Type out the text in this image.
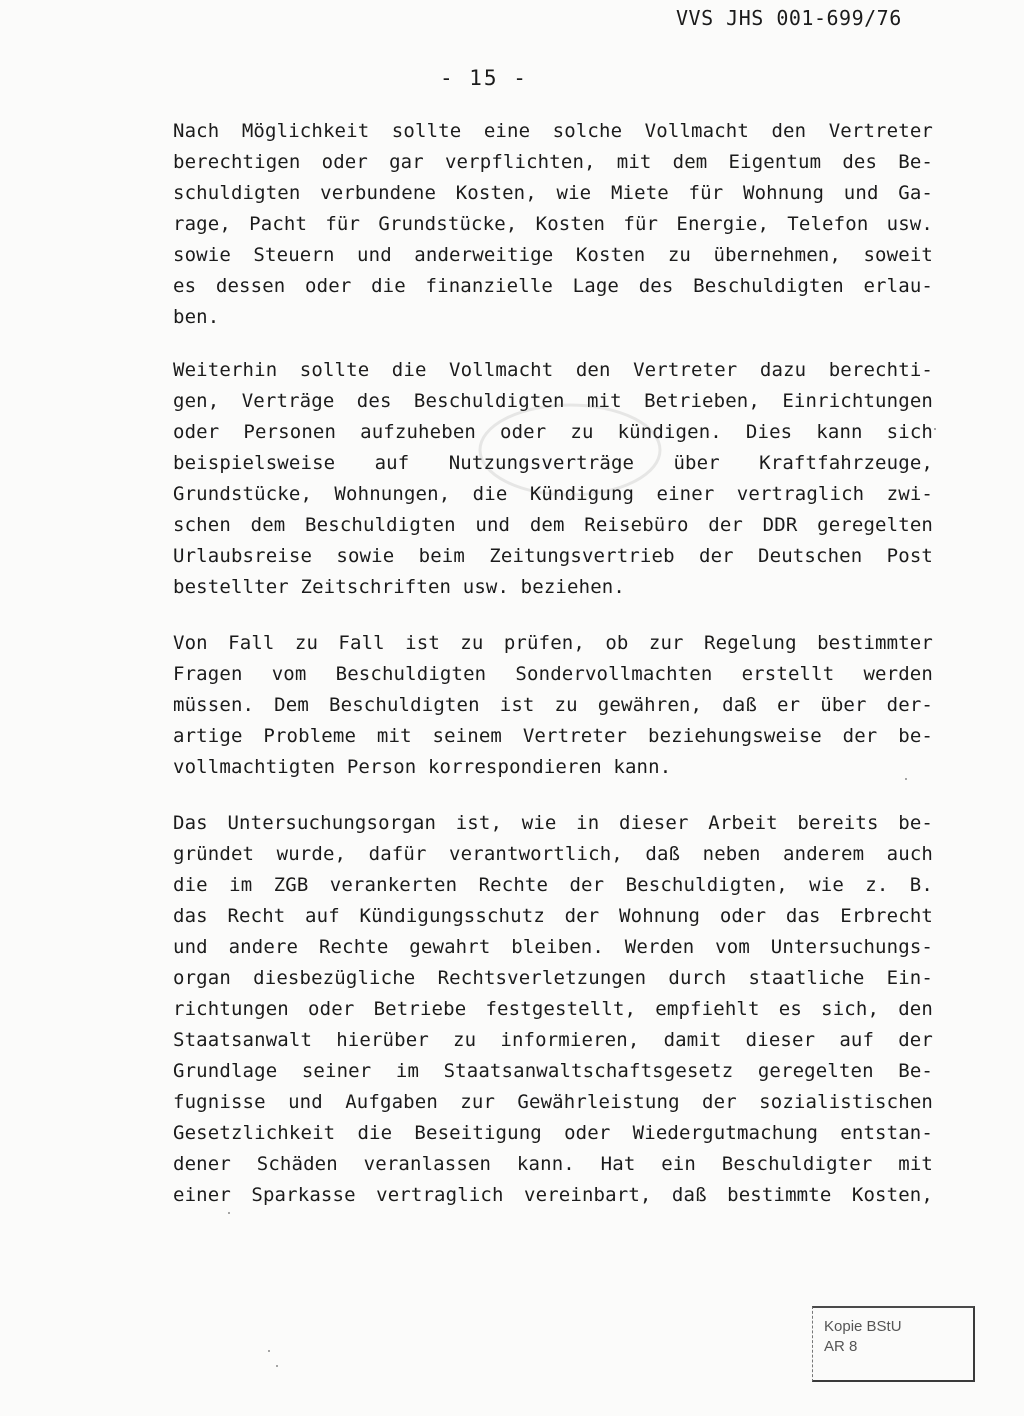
VVS JHS 001-699/76
- 15 -
Nach Möglichkeit sollte eine solche Vollmacht den Vertreter
berechtigen oder gar verpflichten, mit dem Eigentum des Be-
schuldigten verbundene Kosten, wie Miete für Wohnung und Ga-
rage, Pacht für Grundstücke, Kosten für Energie, Telefon usw.
sowie Steuern und anderweitige Kosten zu übernehmen, soweit
es dessen oder die finanzielle Lage des Beschuldigten erlau-
ben.
Weiterhin sollte die Vollmacht den Vertreter dazu berechti-
gen, Verträge des Beschuldigten mit Betrieben, Einrichtungen
oder Personen aufzuheben oder zu kündigen. Dies kann sich
beispielsweise auf Nutzungsverträge über Kraftfahrzeuge,
Grundstücke, Wohnungen, die Kündigung einer vertraglich zwi-
schen dem Beschuldigten und dem Reisebüro der DDR geregelten
Urlaubsreise sowie beim Zeitungsvertrieb der Deutschen Post
bestellter Zeitschriften usw. beziehen.
Von Fall zu Fall ist zu prüfen, ob zur Regelung bestimmter
Fragen vom Beschuldigten Sondervollmachten erstellt werden
müssen. Dem Beschuldigten ist zu gewähren, daß er über der-
artige Probleme mit seinem Vertreter beziehungsweise der be-
vollmachtigten Person korrespondieren kann.
Das Untersuchungsorgan ist, wie in dieser Arbeit bereits be-
gründet wurde, dafür verantwortlich, daß neben anderem auch
die im ZGB verankerten Rechte der Beschuldigten, wie z. B.
das Recht auf Kündigungsschutz der Wohnung oder das Erbrecht
und andere Rechte gewahrt bleiben. Werden vom Untersuchungs-
organ diesbezügliche Rechtsverletzungen durch staatliche Ein-
richtungen oder Betriebe festgestellt, empfiehlt es sich, den
Staatsanwalt hierüber zu informieren, damit dieser auf der
Grundlage seiner im Staatsanwaltschaftsgesetz geregelten Be-
fugnisse und Aufgaben zur Gewährleistung der sozialistischen
Gesetzlichkeit die Beseitigung oder Wiedergutmachung entstan-
dener Schäden veranlassen kann. Hat ein Beschuldigter mit
einer Sparkasse vertraglich vereinbart, daß bestimmte Kosten,
Kopie BStU
AR 8
